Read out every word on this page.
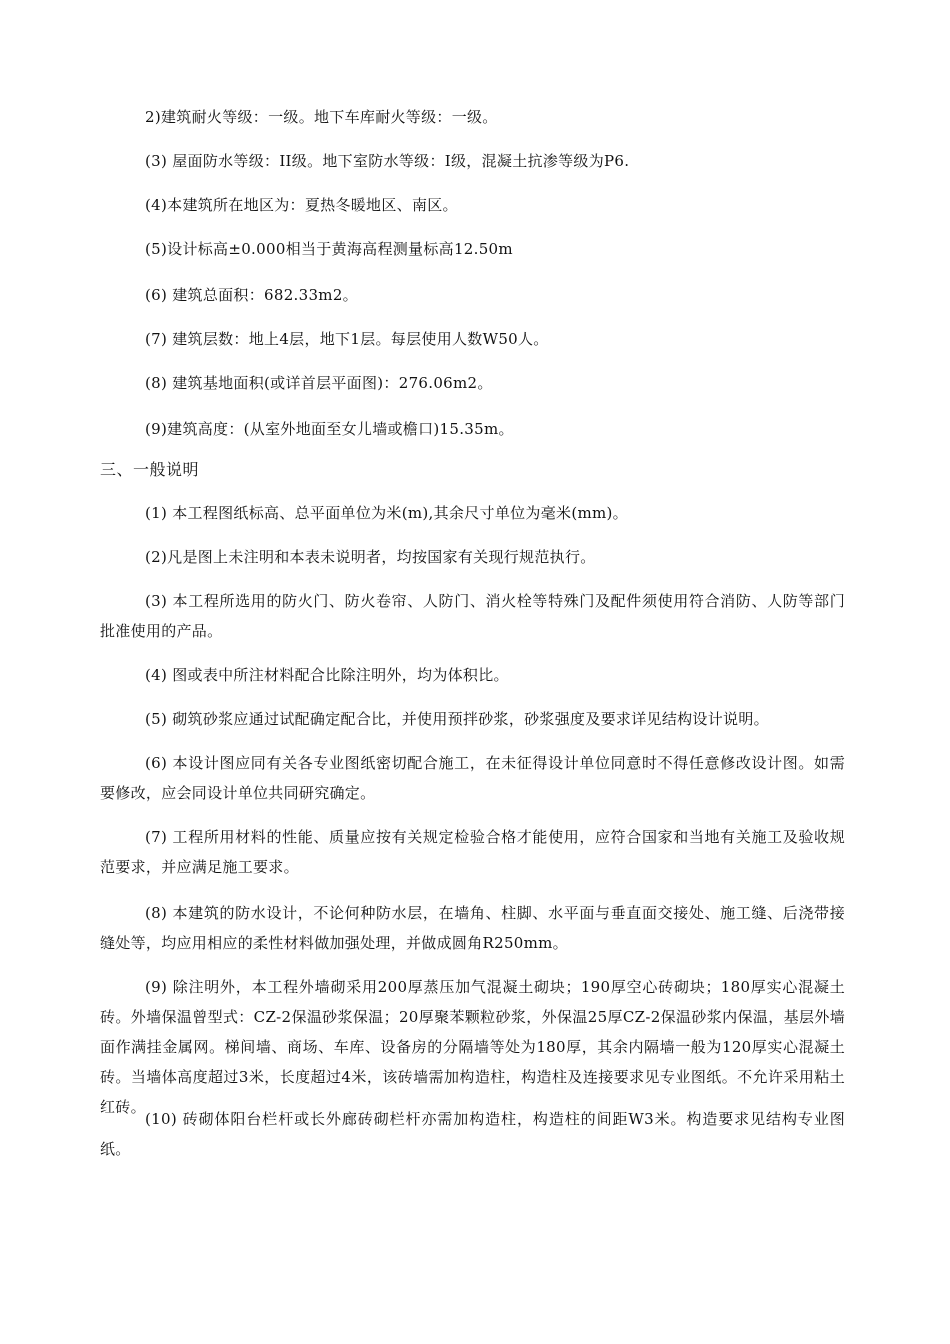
2)建筑耐火等级：一级。地下车库耐火等级：一级。
(3) 屋面防水等级：II级。地下室防水等级：I级，混凝土抗渗等级为P6.
(4)本建筑所在地区为：夏热冬暖地区、南区。
(5)设计标高±0.000相当于黄海高程测量标高12.50m
(6) 建筑总面积：682.33m2。
(7) 建筑层数：地上4层，地下1层。每层使用人数W50人。
(8) 建筑基地面积(或详首层平面图)：276.06m2。
(9)建筑高度：(从室外地面至女儿墙或檐口)15.35m。
三、一般说明
(1) 本工程图纸标高、总平面单位为米(m),其余尺寸单位为毫米(mm)。
(2)凡是图上未注明和本表未说明者，均按国家有关现行规范执行。
(3) 本工程所选用的防火门、防火卷帘、人防门、消火栓等特殊门及配件须使用符合消防、人防等部门批准使用的产品。
(4) 图或表中所注材料配合比除注明外，均为体积比。
(5) 砌筑砂浆应通过试配确定配合比，并使用预拌砂浆，砂浆强度及要求详见结构设计说明。
(6) 本设计图应同有关各专业图纸密切配合施工，在未征得设计单位同意时不得任意修改设计图。如需要修改，应会同设计单位共同研究确定。
(7) 工程所用材料的性能、质量应按有关规定检验合格才能使用，应符合国家和当地有关施工及验收规范要求，并应满足施工要求。
(8) 本建筑的防水设计，不论何种防水层，在墙角、柱脚、水平面与垂直面交接处、施工缝、后浇带接缝处等，均应用相应的柔性材料做加强处理，并做成圆角R250mm。
(9) 除注明外，本工程外墙砌采用200厚蒸压加气混凝土砌块；190厚空心砖砌块；180厚实心混凝土砖。外墙保温曾型式：CZ-2保温砂浆保温；20厚聚苯颗粒砂浆，外保温25厚CZ-2保温砂浆内保温，基层外墙面作满挂金属网。梯间墙、商场、车库、设备房的分隔墙等处为180厚，其余内隔墙一般为120厚实心混凝土砖。当墙体高度超过3米，长度超过4米，该砖墙需加构造柱，构造柱及连接要求见专业图纸。不允许采用粘土红砖。
(10) 砖砌体阳台栏杆或长外廊砖砌栏杆亦需加构造柱，构造柱的间距W3米。构造要求见结构专业图纸。
